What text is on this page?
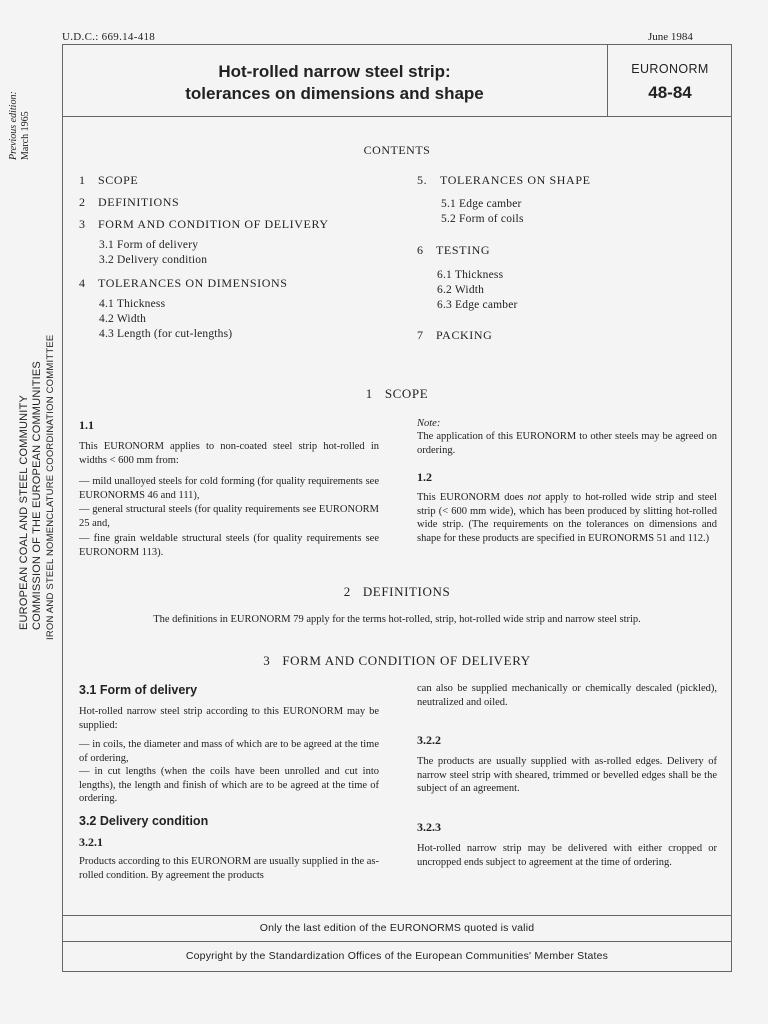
U.D.C.: 669.14-418	June 1984
Hot-rolled narrow steel strip:
tolerances on dimensions and shape
EURONORM
48-84
Previous edition: March 1965
EUROPEAN COAL AND STEEL COMMUNITY COMMISSION OF THE EUROPEAN COMMUNITIES IRON AND STEEL NOMENCLATURE COORDINATION COMMITTEE
CONTENTS
1 SCOPE
2 DEFINITIONS
3 FORM AND CONDITION OF DELIVERY
3.1 Form of delivery
3.2 Delivery condition
4 TOLERANCES ON DIMENSIONS
4.1 Thickness
4.2 Width
4.3 Length (for cut-lengths)
5. TOLERANCES ON SHAPE
5.1 Edge camber
5.2 Form of coils
6 TESTING
6.1 Thickness
6.2 Width
6.3 Edge camber
7 PACKING
1 SCOPE
1.1
This EURONORM applies to non-coated steel strip hot-rolled in widths < 600 mm from:
— mild unalloyed steels for cold forming (for quality requirements see EURONORMS 46 and 111),
— general structural steels (for quality requirements see EURONORM 25 and,
— fine grain weldable structural steels (for quality requirements see EURONORM 113).
Note:
The application of this EURONORM to other steels may be agreed on ordering.
1.2
This EURONORM does not apply to hot-rolled wide strip and steel strip (< 600 mm wide), which has been produced by slitting hot-rolled wide strip. (The requirements on the tolerances on dimensions and shape for these products are specified in EURONORMS 51 and 112.)
2 DEFINITIONS
The definitions in EURONORM 79 apply for the terms hot-rolled, strip, hot-rolled wide strip and narrow steel strip.
3 FORM AND CONDITION OF DELIVERY
3.1 Form of delivery
Hot-rolled narrow steel strip according to this EURONORM may be supplied:
— in coils, the diameter and mass of which are to be agreed at the time of ordering,
— in cut lengths (when the coils have been unrolled and cut into lengths), the length and finish of which are to be agreed at the time of ordering.
3.2 Delivery condition
3.2.1
Products according to this EURONORM are usually supplied in the as-rolled condition. By agreement the products
can also be supplied mechanically or chemically descaled (pickled), neutralized and oiled.
3.2.2
The products are usually supplied with as-rolled edges. Delivery of narrow steel strip with sheared, trimmed or bevelled edges shall be the subject of an agreement.
3.2.3
Hot-rolled narrow strip may be delivered with either cropped or uncropped ends subject to agreement at the time of ordering.
Only the last edition of the EURONORMS quoted is valid
Copyright by the Standardization Offices of the European Communities' Member States
